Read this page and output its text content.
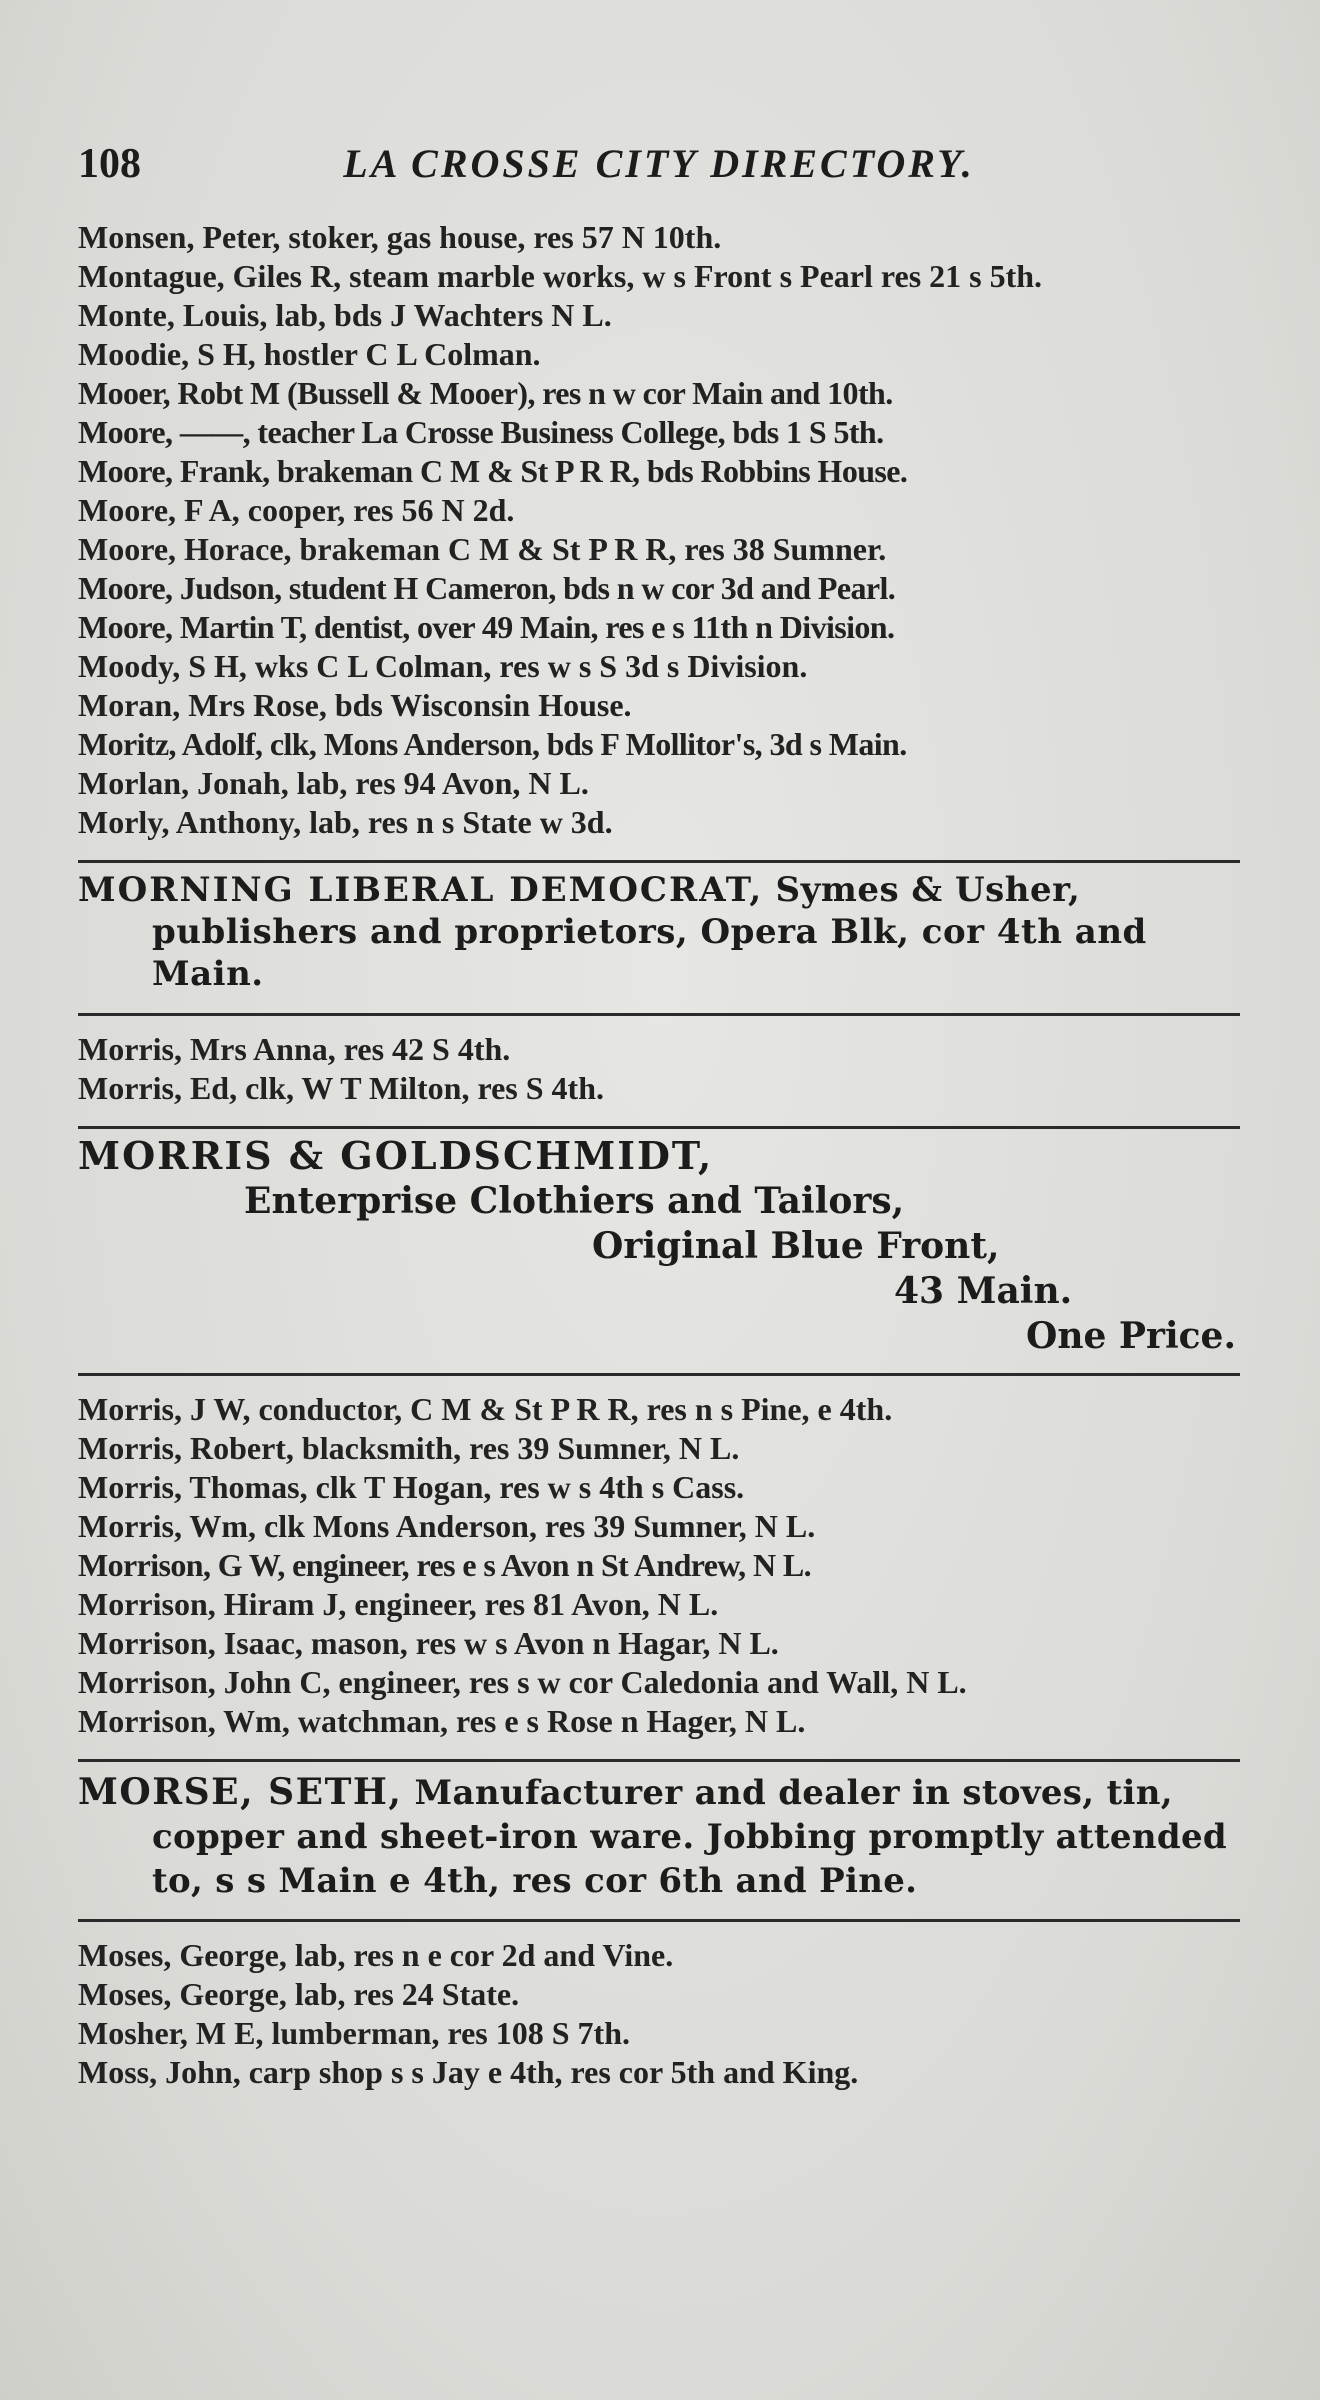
108	LA CROSSE CITY DIRECTORY.
Monsen, Peter, stoker, gas house, res 57 N 10th.
Montague, Giles R, steam marble works, w s Front s Pearl res 21 s 5th.
Monte, Louis, lab, bds J Wachters N L.
Moodie, S H, hostler C L Colman.
Mooer, Robt M (Bussell & Mooer), res n w cor Main and 10th.
Moore, ——, teacher La Crosse Business College, bds 1 S 5th.
Moore, Frank, brakeman C M & St P R R, bds Robbins House.
Moore, F A, cooper, res 56 N 2d.
Moore, Horace, brakeman C M & St P R R, res 38 Sumner.
Moore, Judson, student H Cameron, bds n w cor 3d and Pearl.
Moore, Martin T, dentist, over 49 Main, res e s 11th n Division.
Moody, S H, wks C L Colman, res w s S 3d s Division.
Moran, Mrs Rose, bds Wisconsin House.
Moritz, Adolf, clk, Mons Anderson, bds F Mollitor's, 3d s Main.
Morlan, Jonah, lab, res 94 Avon, N L.
Morly, Anthony, lab, res n s State w 3d.
MORNING LIBERAL DEMOCRAT, Symes & Usher, publishers and proprietors, Opera Blk, cor 4th and Main.
Morris, Mrs Anna, res 42 S 4th.
Morris, Ed, clk, W T Milton, res S 4th.
MORRIS & GOLDSCHMIDT,
Enterprise Clothiers and Tailors,
Original Blue Front,
43 Main.
One Price.
Morris, J W, conductor, C M & St P R R, res n s Pine, e 4th.
Morris, Robert, blacksmith, res 39 Sumner, N L.
Morris, Thomas, clk T Hogan, res w s 4th s Cass.
Morris, Wm, clk Mons Anderson, res 39 Sumner, N L.
Morrison, G W, engineer, res e s Avon n St Andrew, N L.
Morrison, Hiram J, engineer, res 81 Avon, N L.
Morrison, Isaac, mason, res w s Avon n Hagar, N L.
Morrison, John C, engineer, res s w cor Caledonia and Wall, N L.
Morrison, Wm, watchman, res e s Rose n Hager, N L.
MORSE, SETH, Manufacturer and dealer in stoves, tin, copper and sheet-iron ware. Jobbing promptly attended to, s s Main e 4th, res cor 6th and Pine.
Moses, George, lab, res n e cor 2d and Vine.
Moses, George, lab, res 24 State.
Mosher, M E, lumberman, res 108 S 7th.
Moss, John, carp shop s s Jay e 4th, res cor 5th and King.
